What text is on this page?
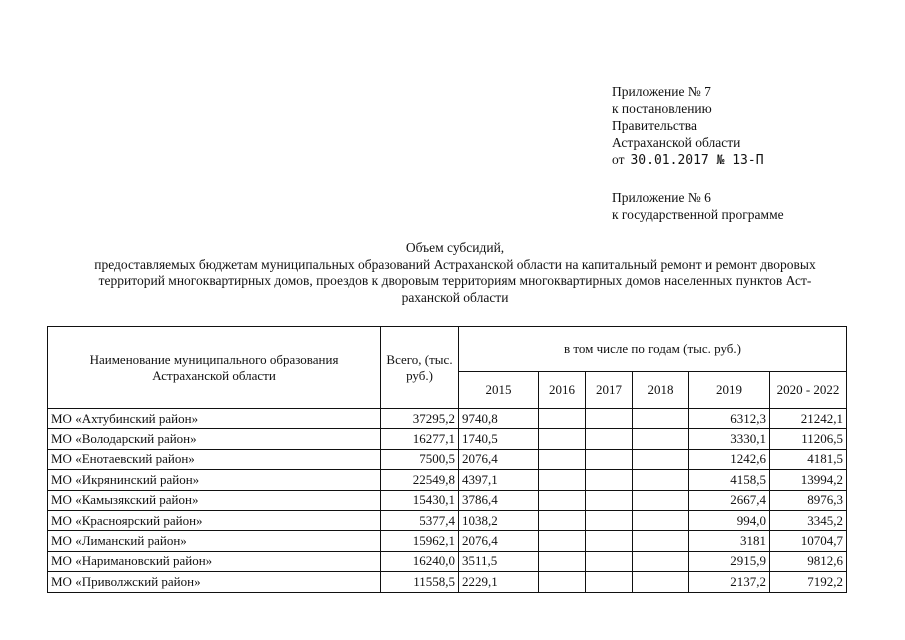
Приложение № 7
к постановлению
Правительства
Астраханской области
от 30.01.2017 № 13-П
Приложение № 6
к государственной программе
Объем субсидий,
предоставляемых бюджетам муниципальных образований Астраханской области на капитальный ремонт и ремонт дворовых
территорий многоквартирных домов, проездов к дворовым территориям многоквартирных домов населенных пунктов Аст-
раханской области
Наименование муниципального образования Астраханской области	Всего, (тыс. руб.)	в том числе по годам (тыс. руб.)					
		2015	2016	2017	2018	2019	2020 - 2022
МО «Ахтубинский район»	37295,2	9740,8				6312,3	21242,1
МО «Володарский район»	16277,1	1740,5				3330,1	11206,5
МО «Енотаевский район»	7500,5	2076,4				1242,6	4181,5
МО «Икрянинский район»	22549,8	4397,1				4158,5	13994,2
МО «Камызякский район»	15430,1	3786,4				2667,4	8976,3
МО «Красноярский район»	5377,4	1038,2				994,0	3345,2
МО «Лиманский район»	15962,1	2076,4				3181	10704,7
МО «Наримановский район»	16240,0	3511,5				2915,9	9812,6
МО «Приволжский район»	11558,5	2229,1				2137,2	7192,2
